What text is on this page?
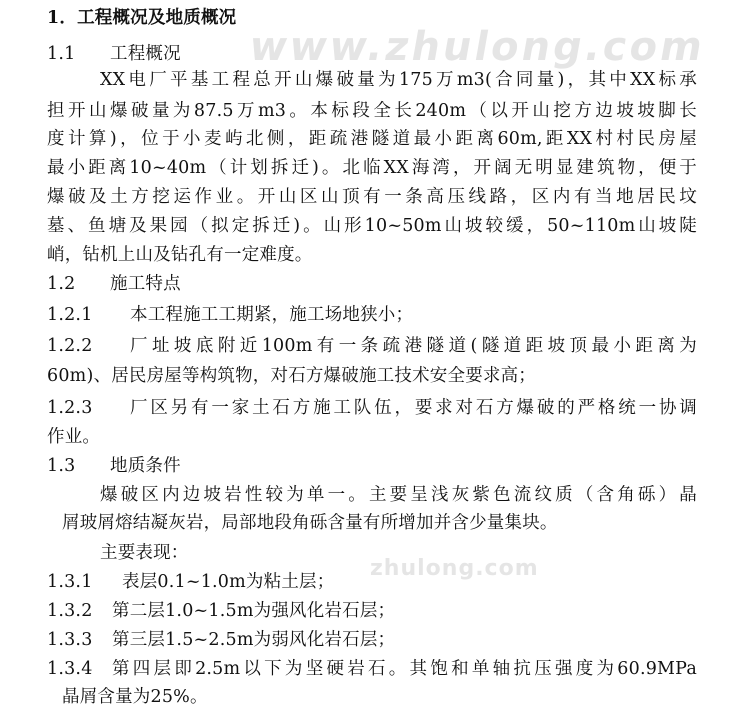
www.zhulong.com
zhulong.com
1．工程概况及地质概况
1.1 工程概况
XX电厂平基工程总开山爆破量为175万m3(合同量)，其中XX标承
担开山爆破量为87.5万m3。本标段全长240m（以开山挖方边坡坡脚长
度计算)，位于小麦屿北侧，距疏港隧道最小距离60m,距XX村村民房屋
最小距离10~40m（计划拆迁)。北临XX海湾，开阔无明显建筑物，便于
爆破及土方挖运作业。开山区山顶有一条高压线路，区内有当地居民坟
墓、鱼塘及果园（拟定拆迁)。山形10~50m山坡较缓，50~110m山坡陡
峭，钻机上山及钻孔有一定难度。
1.2 施工特点
1.2.1 本工程施工工期紧，施工场地狭小；
1.2.2 厂址坡底附近100m有一条疏港隧道(隧道距坡顶最小距离为
60m)、居民房屋等构筑物，对石方爆破施工技术安全要求高；
1.2.3 厂区另有一家土石方施工队伍，要求对石方爆破的严格统一协调
作业。
1.3 地质条件
爆破区内边坡岩性较为单一。主要呈浅灰紫色流纹质（含角砾）晶
屑玻屑熔结凝灰岩，局部地段角砾含量有所增加并含少量集块。
主要表现：
1.3.1 表层0.1~1.0m为粘土层；
1.3.2 第二层1.0~1.5m为强风化岩石层；
1.3.3 第三层1.5~2.5m为弱风化岩石层；
1.3.4 第四层即2.5m以下为坚硬岩石。其饱和单轴抗压强度为60.9MPa
晶屑含量为25%。
